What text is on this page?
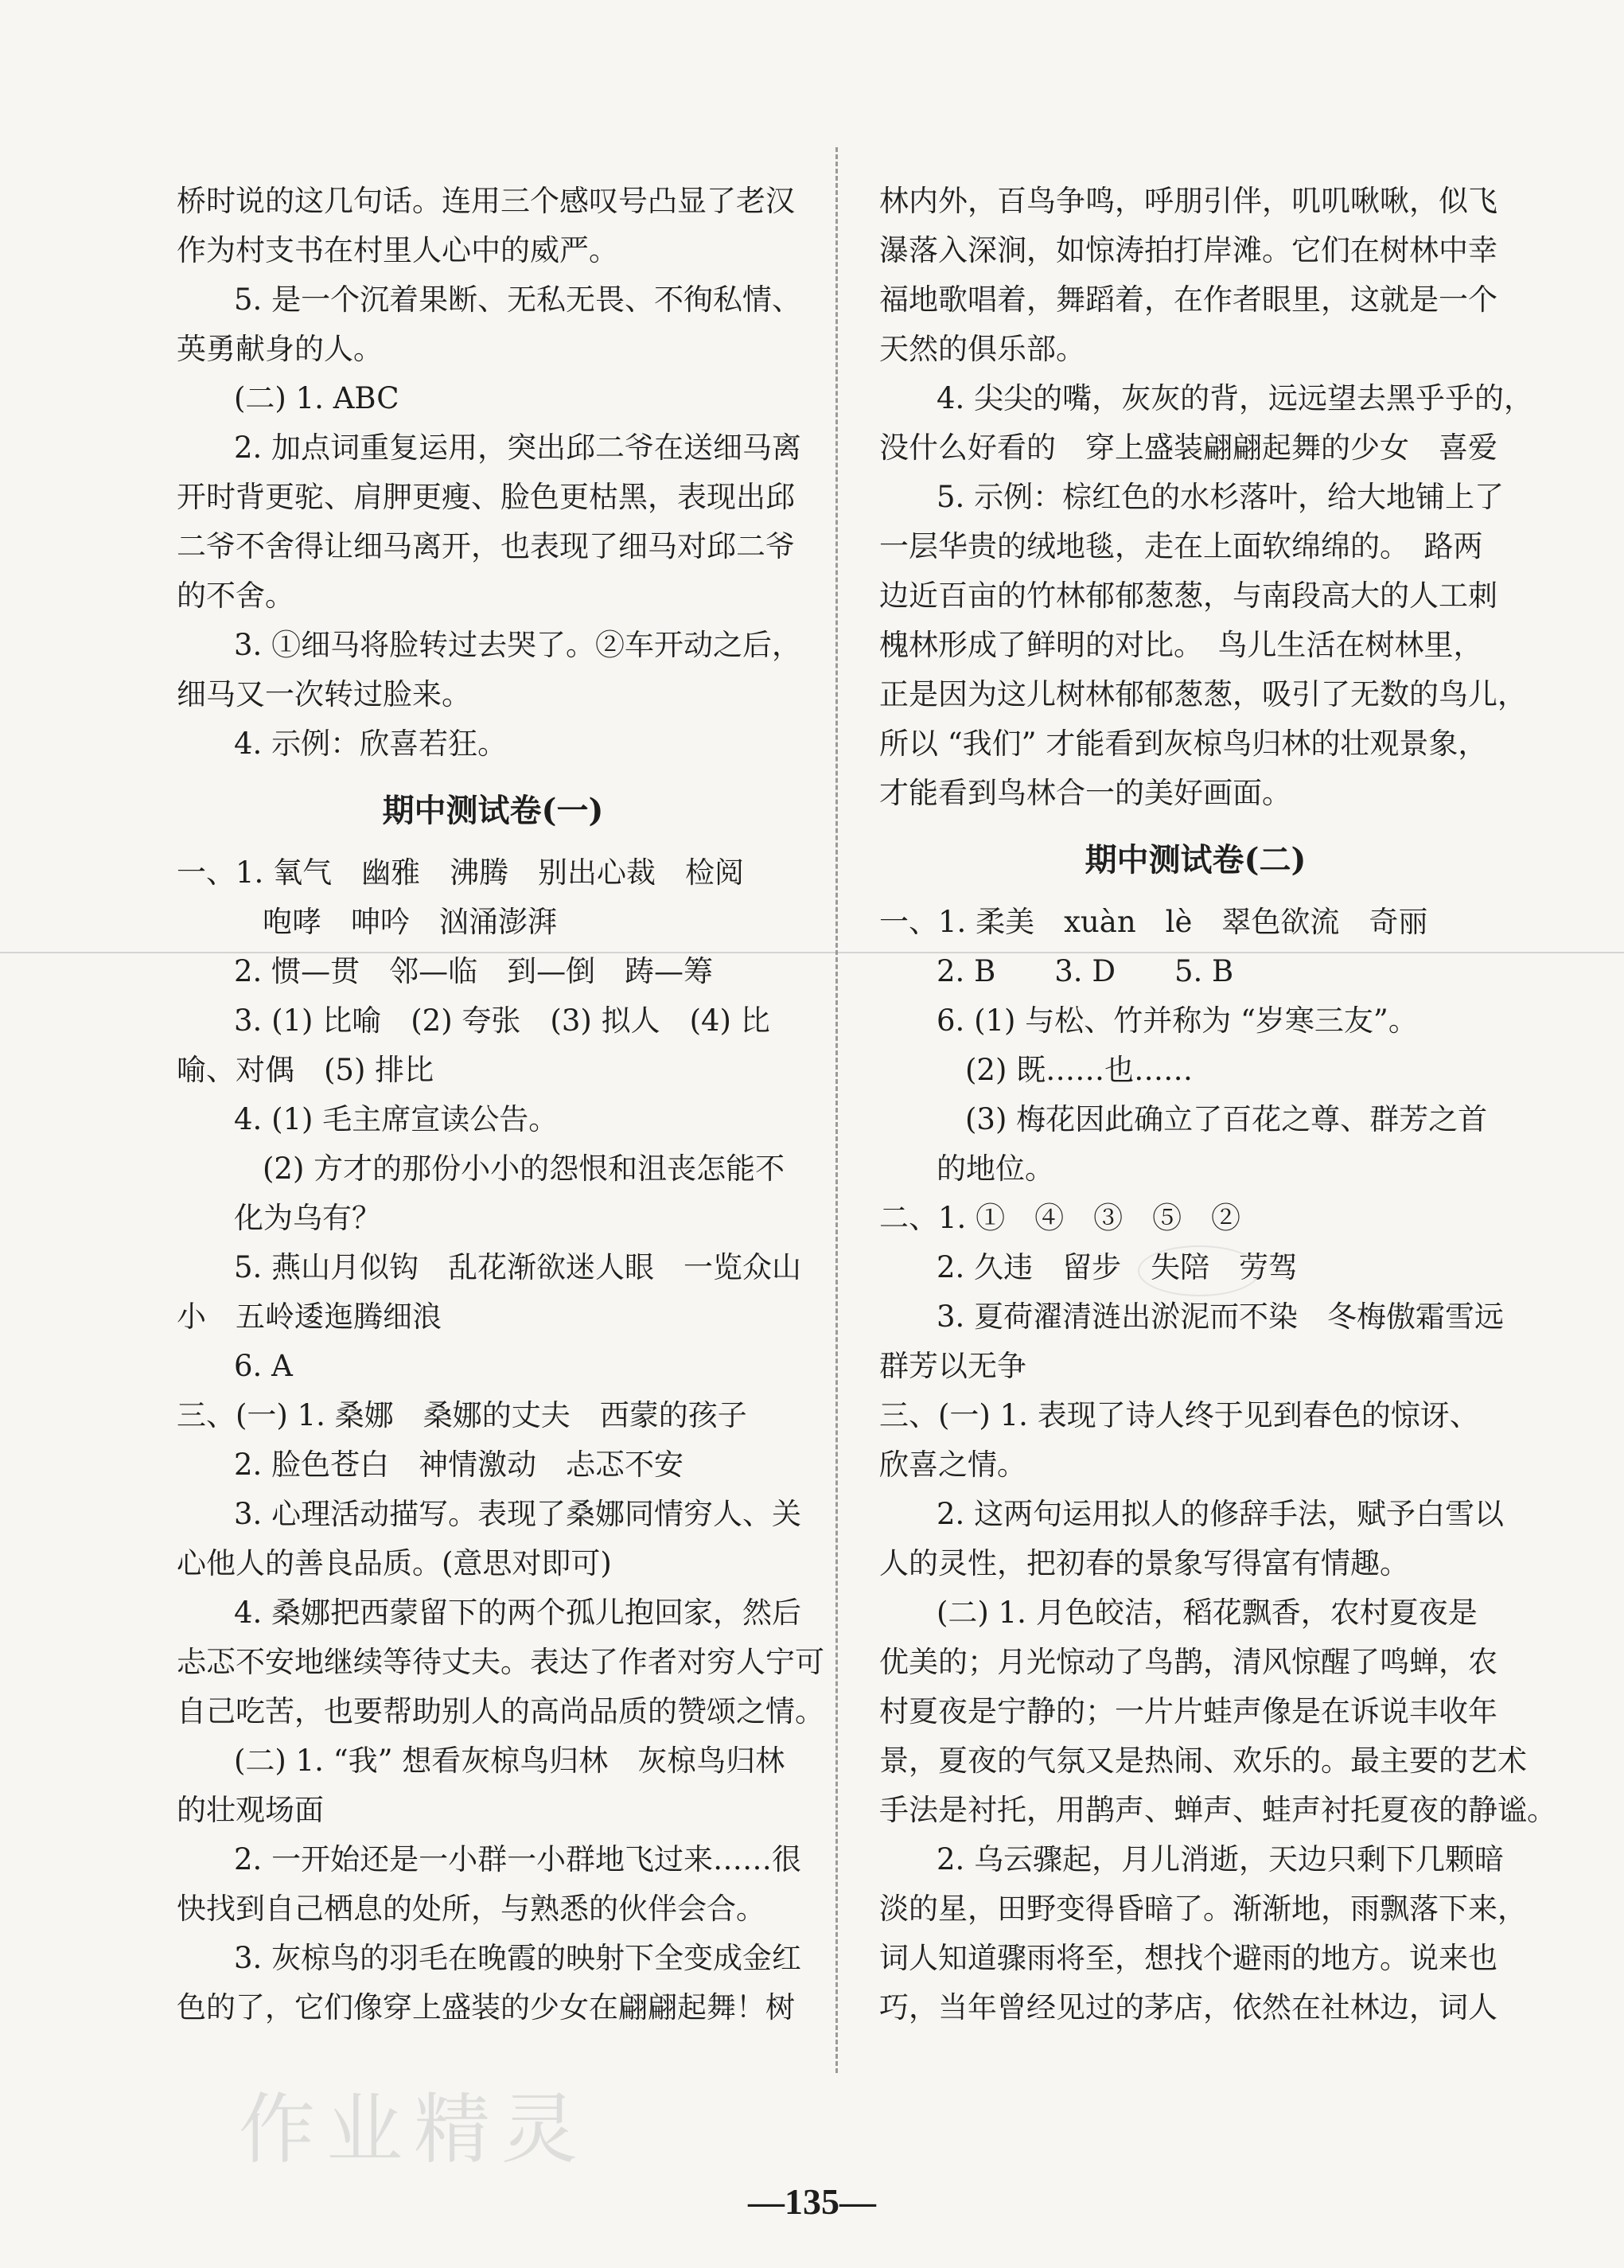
桥时说的这几句话。连用三个感叹号凸显了老汉
作为村支书在村里人心中的威严。
5. 是一个沉着果断、无私无畏、不徇私情、
英勇献身的人。
(二) 1. ABC
2. 加点词重复运用，突出邱二爷在送细马离
开时背更驼、肩胛更瘦、脸色更枯黑，表现出邱
二爷不舍得让细马离开，也表现了细马对邱二爷
的不舍。
3. ①细马将脸转过去哭了。②车开动之后，
细马又一次转过脸来。
4. 示例：欣喜若狂。
期中测试卷(一)
一、1. 氧气　幽雅　沸腾　别出心裁　检阅
咆哮　呻吟　汹涌澎湃
2. 惯—贯　邻—临　到—倒　踌—筹
3. (1) 比喻　(2) 夸张　(3) 拟人　(4) 比
喻、对偶　(5) 排比
4. (1) 毛主席宣读公告。
(2) 方才的那份小小的怨恨和沮丧怎能不
化为乌有？
5. 燕山月似钩　乱花渐欲迷人眼　一览众山
小　五岭逶迤腾细浪
6. A
三、(一) 1. 桑娜　桑娜的丈夫　西蒙的孩子
2. 脸色苍白　神情激动　忐忑不安
3. 心理活动描写。表现了桑娜同情穷人、关
心他人的善良品质。(意思对即可)
4. 桑娜把西蒙留下的两个孤儿抱回家，然后
忐忑不安地继续等待丈夫。表达了作者对穷人宁可
自己吃苦，也要帮助别人的高尚品质的赞颂之情。
(二) 1. “我” 想看灰椋鸟归林　灰椋鸟归林
的壮观场面
2. 一开始还是一小群一小群地飞过来……很
快找到自己栖息的处所，与熟悉的伙伴会合。
3. 灰椋鸟的羽毛在晚霞的映射下全变成金红
色的了，它们像穿上盛装的少女在翩翩起舞！树
林内外，百鸟争鸣，呼朋引伴，叽叽啾啾，似飞
瀑落入深涧，如惊涛拍打岸滩。它们在树林中幸
福地歌唱着，舞蹈着，在作者眼里，这就是一个
天然的俱乐部。
4. 尖尖的嘴，灰灰的背，远远望去黑乎乎的，
没什么好看的　穿上盛装翩翩起舞的少女　喜爱
5. 示例：棕红色的水杉落叶，给大地铺上了
一层华贵的绒地毯，走在上面软绵绵的。　路两
边近百亩的竹林郁郁葱葱，与南段高大的人工刺
槐林形成了鲜明的对比。　鸟儿生活在树林里，
正是因为这儿树林郁郁葱葱，吸引了无数的鸟儿，
所以 “我们” 才能看到灰椋鸟归林的壮观景象，
才能看到鸟林合一的美好画面。
期中测试卷(二)
一、1. 柔美　xuàn　lè　翠色欲流　奇丽
2. B　　3. D　　5. B
6. (1) 与松、竹并称为 “岁寒三友”。
(2) 既……也……
(3) 梅花因此确立了百花之尊、群芳之首
的地位。
二、1. ①　④　③　⑤　②
2. 久违　留步　失陪　劳驾
3. 夏荷濯清涟出淤泥而不染　冬梅傲霜雪远
群芳以无争
三、(一) 1. 表现了诗人终于见到春色的惊讶、
欣喜之情。
2. 这两句运用拟人的修辞手法，赋予白雪以
人的灵性，把初春的景象写得富有情趣。
(二) 1. 月色皎洁，稻花飘香，农村夏夜是
优美的；月光惊动了鸟鹊，清风惊醒了鸣蝉，农
村夏夜是宁静的；一片片蛙声像是在诉说丰收年
景，夏夜的气氛又是热闹、欢乐的。最主要的艺术
手法是衬托，用鹊声、蝉声、蛙声衬托夏夜的静谧。
2. 乌云骤起，月儿消逝，天边只剩下几颗暗
淡的星，田野变得昏暗了。渐渐地，雨飘落下来，
词人知道骤雨将至，想找个避雨的地方。说来也
巧，当年曾经见过的茅店，依然在社林边，词人
作业精灵
—135—
